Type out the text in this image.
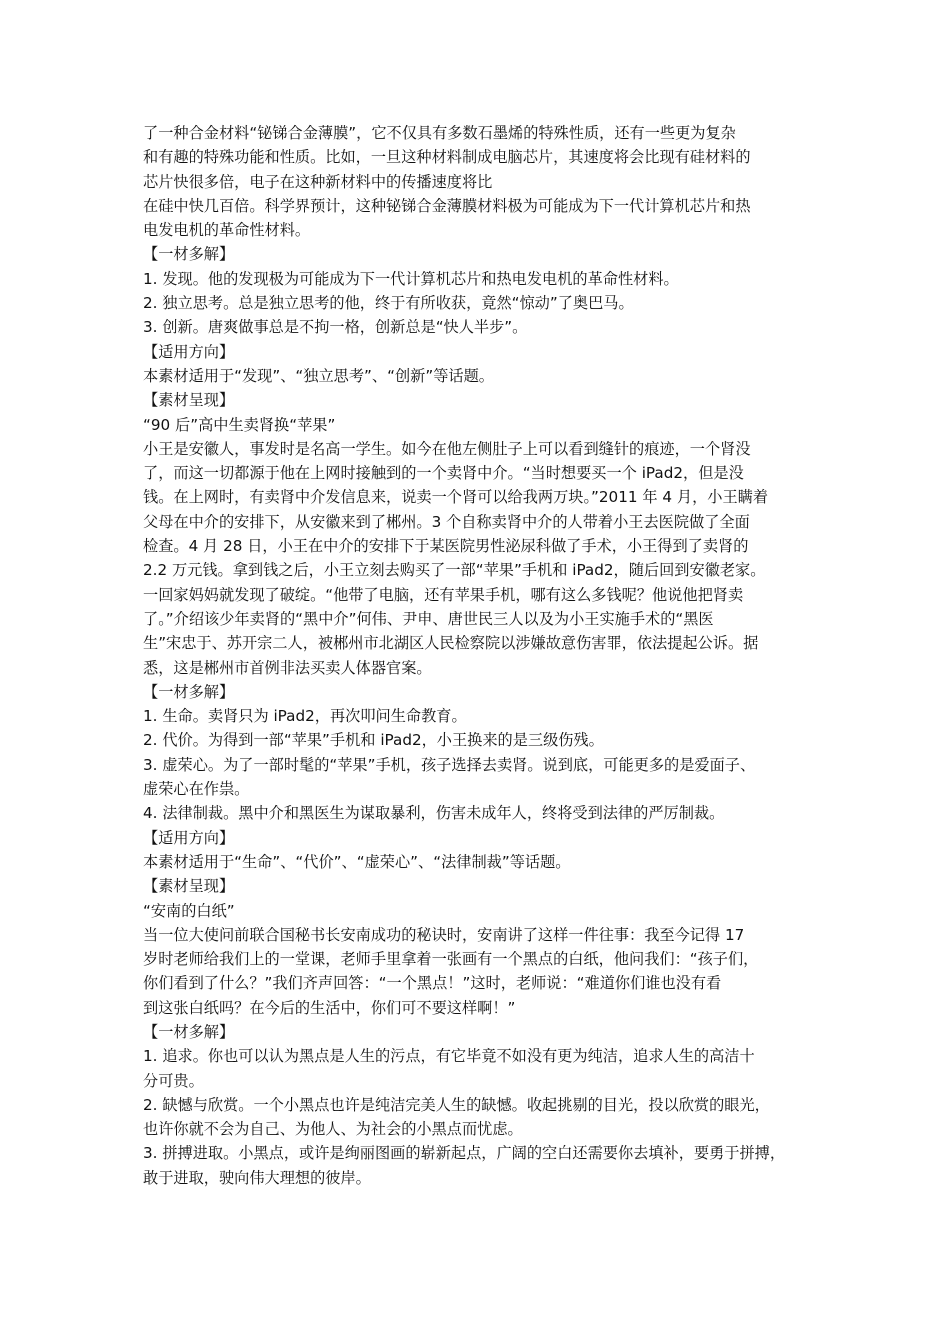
了一种合金材料“铋锑合金薄膜”，它不仅具有多数石墨烯的特殊性质，还有一些更为复杂
和有趣的特殊功能和性质。比如，一旦这种材料制成电脑芯片，其速度将会比现有硅材料的
芯片快很多倍，电子在这种新材料中的传播速度将比
在硅中快几百倍。科学界预计，这种铋锑合金薄膜材料极为可能成为下一代计算机芯片和热
电发电机的革命性材料。
【一材多解】
1. 发现。他的发现极为可能成为下一代计算机芯片和热电发电机的革命性材料。
2. 独立思考。总是独立思考的他，终于有所收获，竟然“惊动”了奥巴马。
3. 创新。唐爽做事总是不拘一格，创新总是“快人半步”。
【适用方向】
本素材适用于“发现”、“独立思考”、“创新”等话题。
【素材呈现】
“90 后”高中生卖肾换“苹果”
小王是安徽人，事发时是名高一学生。如今在他左侧肚子上可以看到缝针的痕迹，一个肾没
了，而这一切都源于他在上网时接触到的一个卖肾中介。“当时想要买一个 iPad2，但是没
钱。在上网时，有卖肾中介发信息来，说卖一个肾可以给我两万块。”2011 年 4 月，小王瞒着
父母在中介的安排下，从安徽来到了郴州。3 个自称卖肾中介的人带着小王去医院做了全面
检查。4 月 28 日，小王在中介的安排下于某医院男性泌尿科做了手术，小王得到了卖肾的
2.2 万元钱。拿到钱之后，小王立刻去购买了一部“苹果”手机和 iPad2，随后回到安徽老家。
一回家妈妈就发现了破绽。“他带了电脑，还有苹果手机，哪有这么多钱呢？他说他把肾卖
了。”介绍该少年卖肾的“黑中介”何伟、尹申、唐世民三人以及为小王实施手术的“黑医
生”宋忠于、苏开宗二人，被郴州市北湖区人民检察院以涉嫌故意伤害罪，依法提起公诉。据
悉，这是郴州市首例非法买卖人体器官案。
【一材多解】
1. 生命。卖肾只为 iPad2，再次叩问生命教育。
2. 代价。为得到一部“苹果”手机和 iPad2，小王换来的是三级伤残。
3. 虚荣心。为了一部时髦的“苹果”手机，孩子选择去卖肾。说到底，可能更多的是爱面子、
虚荣心在作祟。
4. 法律制裁。黑中介和黑医生为谋取暴利，伤害未成年人，终将受到法律的严厉制裁。
【适用方向】
本素材适用于“生命”、“代价”、“虚荣心”、“法律制裁”等话题。
【素材呈现】
“安南的白纸”
当一位大使问前联合国秘书长安南成功的秘诀时，安南讲了这样一件往事：我至今记得 17
岁时老师给我们上的一堂课，老师手里拿着一张画有一个黑点的白纸，他问我们：“孩子们，
你们看到了什么？”我们齐声回答：“一个黑点！”这时，老师说：“难道你们谁也没有看
到这张白纸吗？在今后的生活中，你们可不要这样啊！”
【一材多解】
1. 追求。你也可以认为黑点是人生的污点，有它毕竟不如没有更为纯洁，追求人生的高洁十
分可贵。
2. 缺憾与欣赏。一个小黑点也许是纯洁完美人生的缺憾。收起挑剔的目光，投以欣赏的眼光，
也许你就不会为自己、为他人、为社会的小黑点而忧虑。
3. 拼搏进取。小黑点，或许是绚丽图画的崭新起点，广阔的空白还需要你去填补，要勇于拼搏，
敢于进取，驶向伟大理想的彼岸。
